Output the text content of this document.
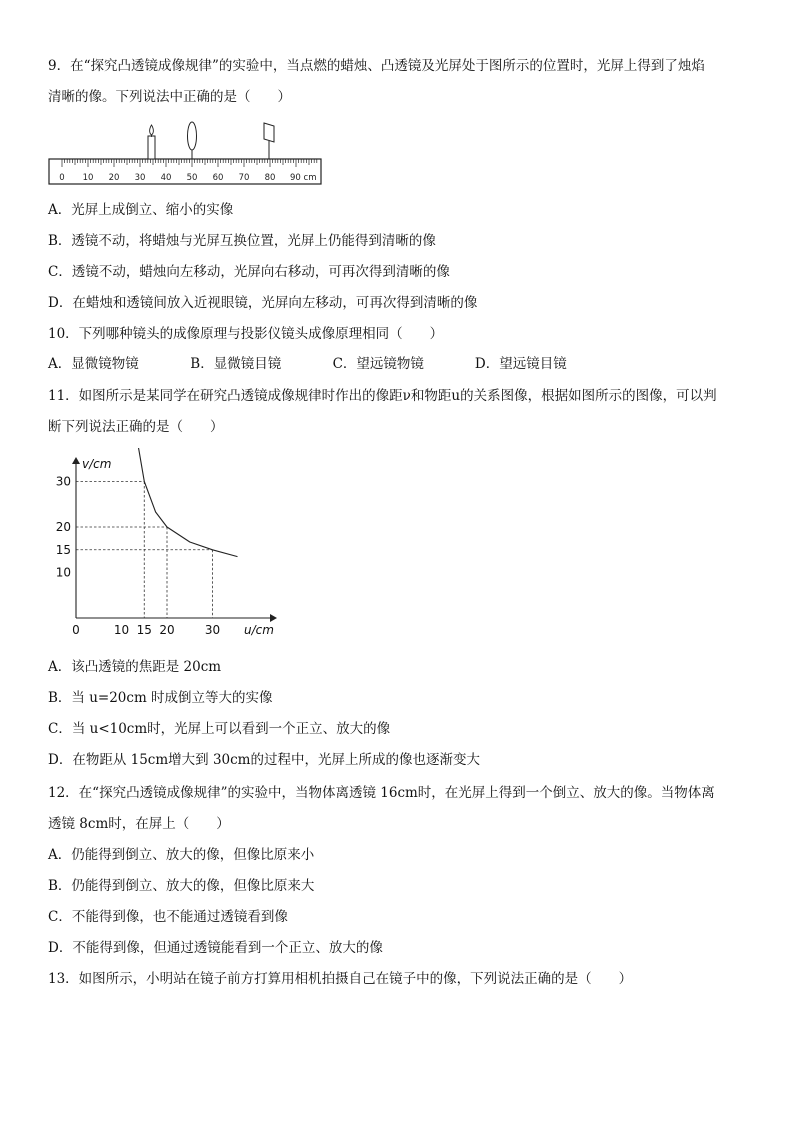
9．在“探究凸透镜成像规律”的实验中，当点燃的蜡烛、凸透镜及光屏处于图所示的位置时，光屏上得到了烛焰
清晰的像。下列说法中正确的是（　　）
0 10 20 30 40 50 60 70 80 90 cm
A．光屏上成倒立、缩小的实像
B．透镜不动，将蜡烛与光屏互换位置，光屏上仍能得到清晰的像
C．透镜不动，蜡烛向左移动，光屏向右移动，可再次得到清晰的像
D．在蜡烛和透镜间放入近视眼镜，光屏向左移动，可再次得到清晰的像
10．下列哪种镜头的成像原理与投影仪镜头成像原理相同（　　）
A．显微镜物镜	B．显微镜目镜	C．望远镜物镜	D．望远镜目镜
11．如图所示是某同学在研究凸透镜成像规律时作出的像距ν和物距u的关系图像，根据如图所示的图像，可以判
断下列说法正确的是（　　）
v/cm
u/cm
0	10 15 20	30
10
15
20
30
A．该凸透镜的焦距是 20cm
B．当 u=20cm 时成倒立等大的实像
C．当 u<10cm时，光屏上可以看到一个正立、放大的像
D．在物距从 15cm增大到 30cm的过程中，光屏上所成的像也逐渐变大
12．在“探究凸透镜成像规律”的实验中，当物体离透镜 16cm时，在光屏上得到一个倒立、放大的像。当物体离
透镜 8cm时，在屏上（　　）
A．仍能得到倒立、放大的像，但像比原来小
B．仍能得到倒立、放大的像，但像比原来大
C．不能得到像，也不能通过透镜看到像
D．不能得到像，但通过透镜能看到一个正立、放大的像
13．如图所示，小明站在镜子前方打算用相机拍摄自己在镜子中的像，下列说法正确的是（　　）
